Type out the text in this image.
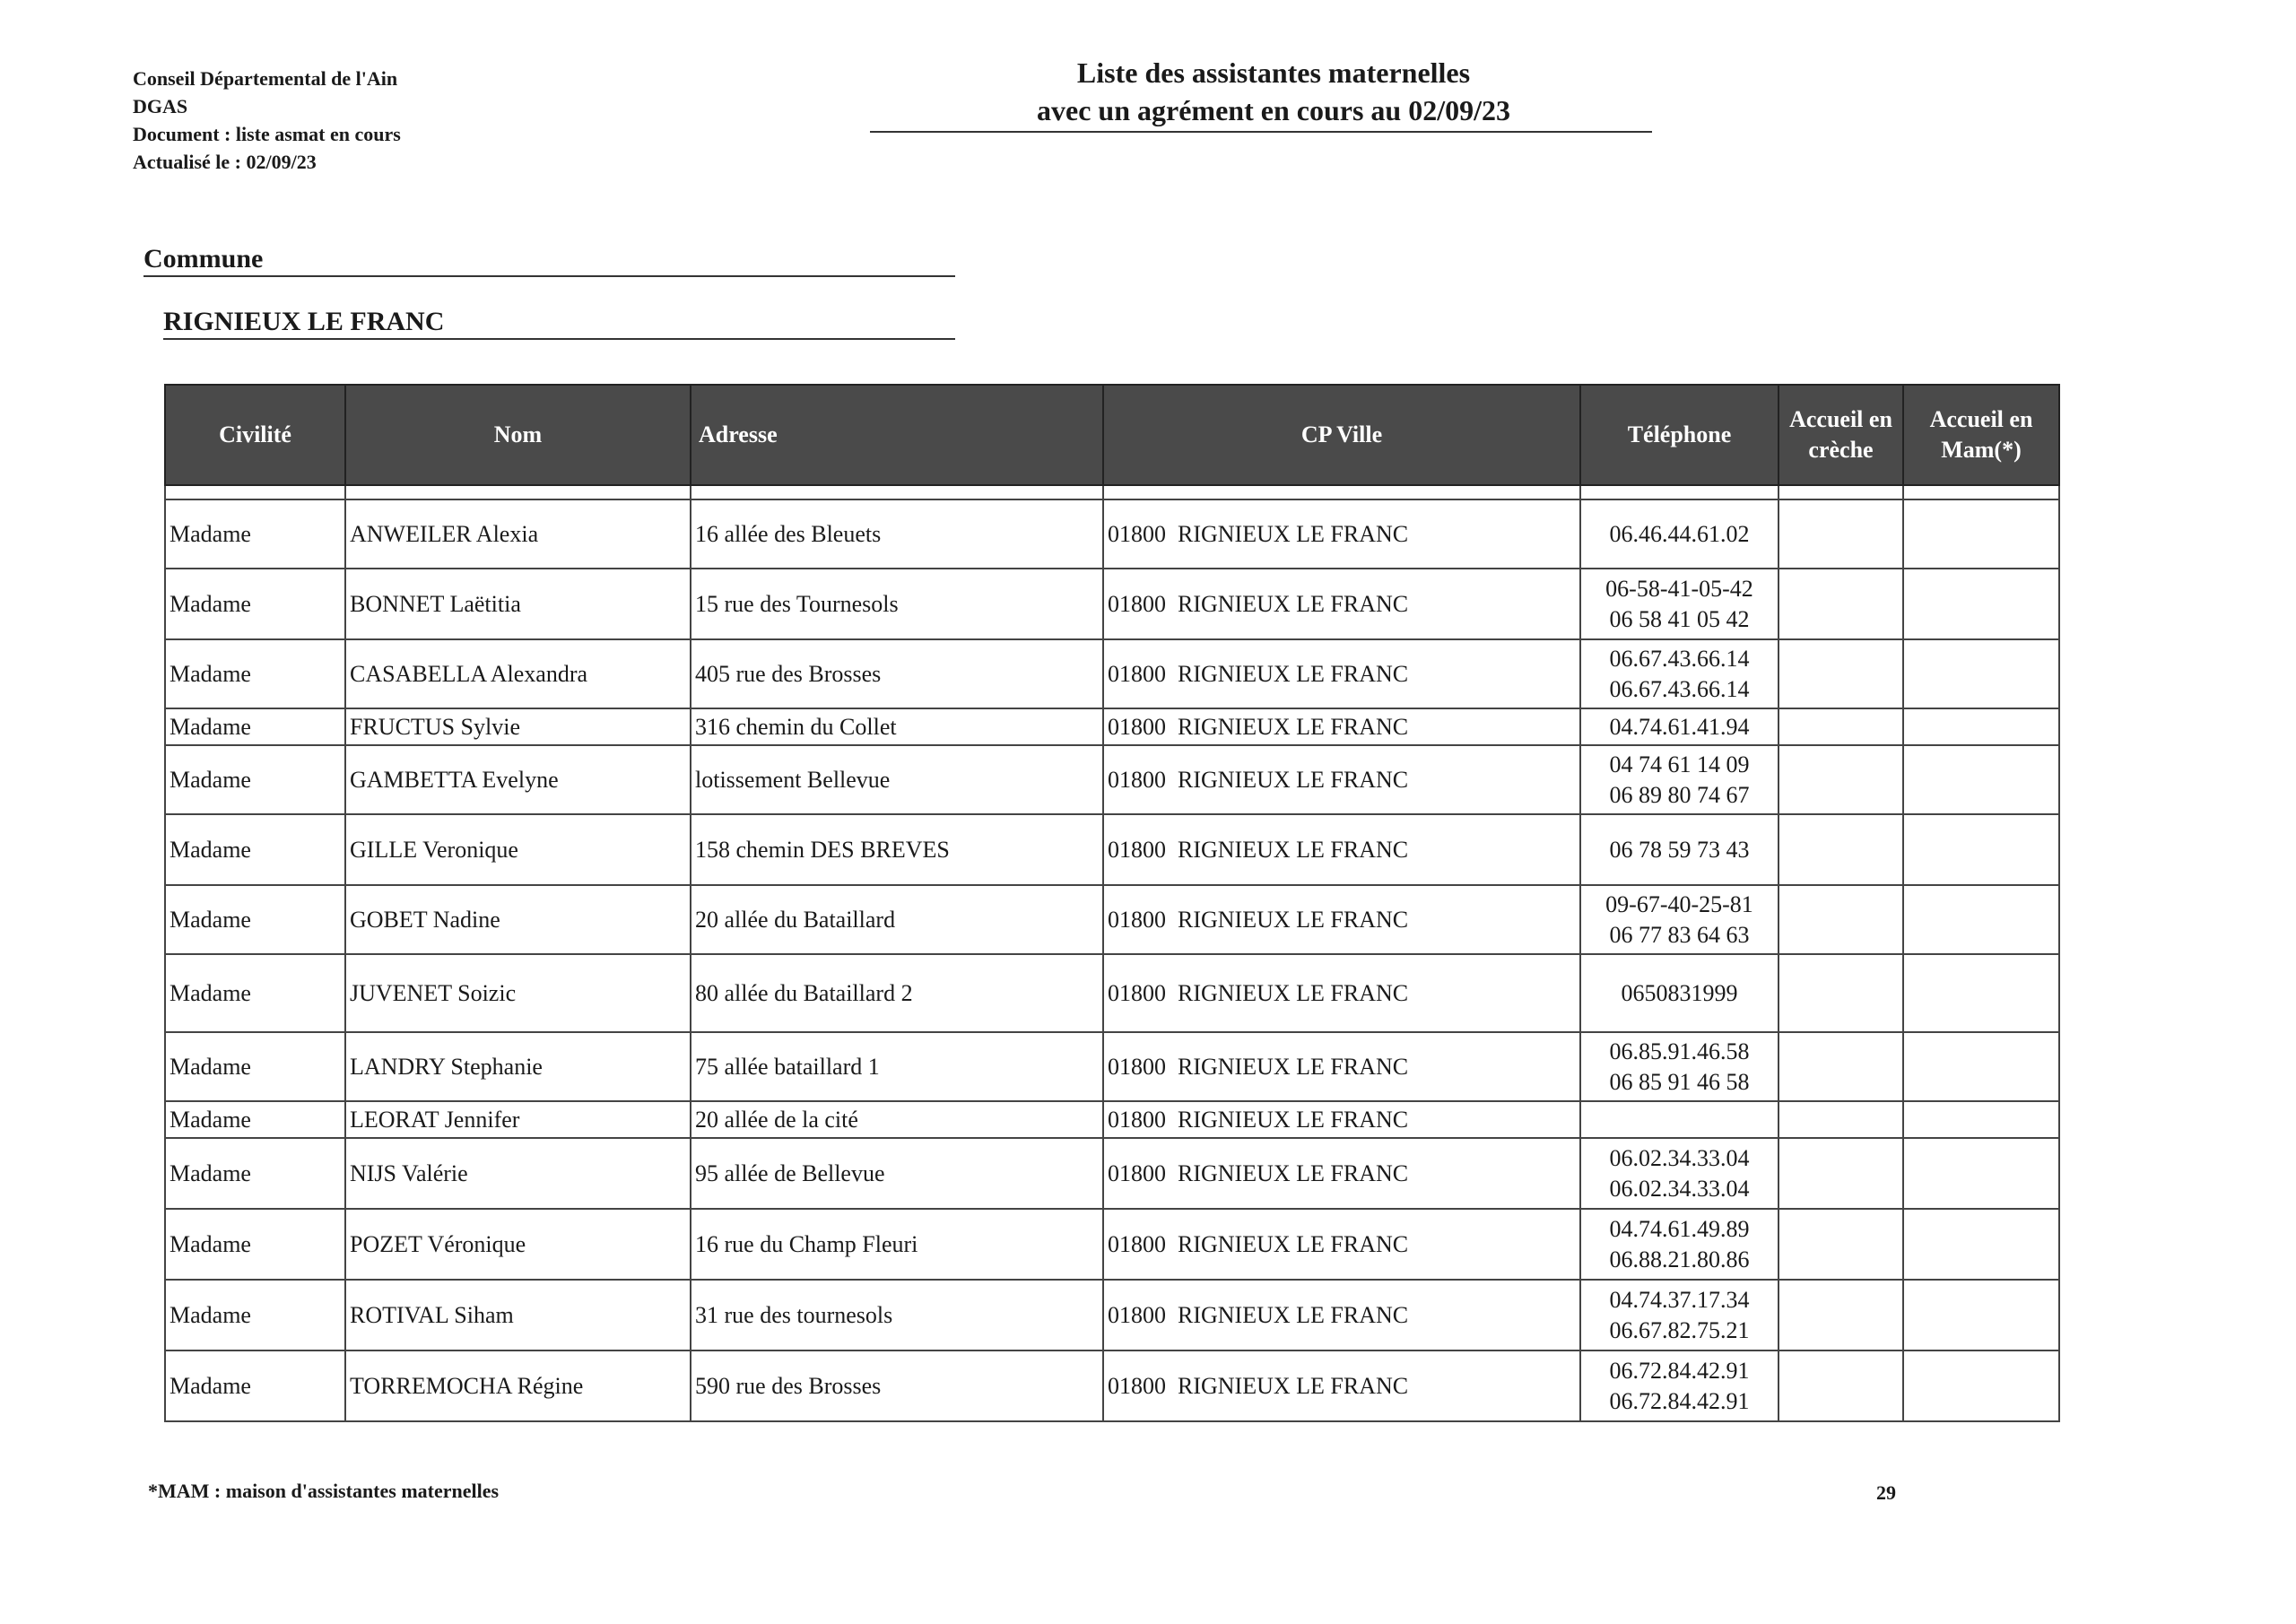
Conseil Départemental de l'Ain
DGAS
Document : liste asmat en cours
Actualisé le : 02/09/23
Liste des assistantes maternelles
avec un agrément en cours au 02/09/23
Commune
RIGNIEUX LE FRANC
Civilité	Nom	Adresse	CP Ville	Téléphone	Accueil en crèche	Accueil en Mam(*)

Madame	ANWEILER Alexia	16 allée des Bleuets	01800  RIGNIEUX LE FRANC	06.46.44.61.02		

Madame	BONNET Laëtitia	15 rue des Tournesols	01800  RIGNIEUX LE FRANC	06-58-41-05-42
06 58 41 05 42		

Madame	CASABELLA Alexandra	405 rue des Brosses	01800  RIGNIEUX LE FRANC	06.67.43.66.14
06.67.43.66.14		

Madame	FRUCTUS Sylvie	316 chemin du Collet	01800  RIGNIEUX LE FRANC	04.74.61.41.94		

Madame	GAMBETTA Evelyne	lotissement Bellevue	01800  RIGNIEUX LE FRANC	04 74 61 14 09
06 89 80 74 67		

Madame	GILLE Veronique	158 chemin DES BREVES	01800  RIGNIEUX LE FRANC	06 78 59 73 43		

Madame	GOBET Nadine	20 allée du Bataillard	01800  RIGNIEUX LE FRANC	09-67-40-25-81
06 77 83 64 63		

Madame	JUVENET Soizic	80 allée du Bataillard 2	01800  RIGNIEUX LE FRANC	0650831999		

Madame	LANDRY Stephanie	75 allée bataillard 1	01800  RIGNIEUX LE FRANC	06.85.91.46.58
06 85 91 46 58		

Madame	LEORAT Jennifer	20 allée de la cité	01800  RIGNIEUX LE FRANC	

Madame	NIJS Valérie	95 allée de Bellevue	01800  RIGNIEUX LE FRANC	06.02.34.33.04
06.02.34.33.04		

Madame	POZET Véronique	16 rue du Champ Fleuri	01800  RIGNIEUX LE FRANC	04.74.61.49.89
06.88.21.80.86		

Madame	ROTIVAL Siham	31 rue des tournesols	01800  RIGNIEUX LE FRANC	04.74.37.17.34
06.67.82.75.21		

Madame	TORREMOCHA Régine	590 rue des Brosses	01800  RIGNIEUX LE FRANC	06.72.84.42.91
06.72.84.42.91		

*MAM : maison d'assistantes maternelles	29
